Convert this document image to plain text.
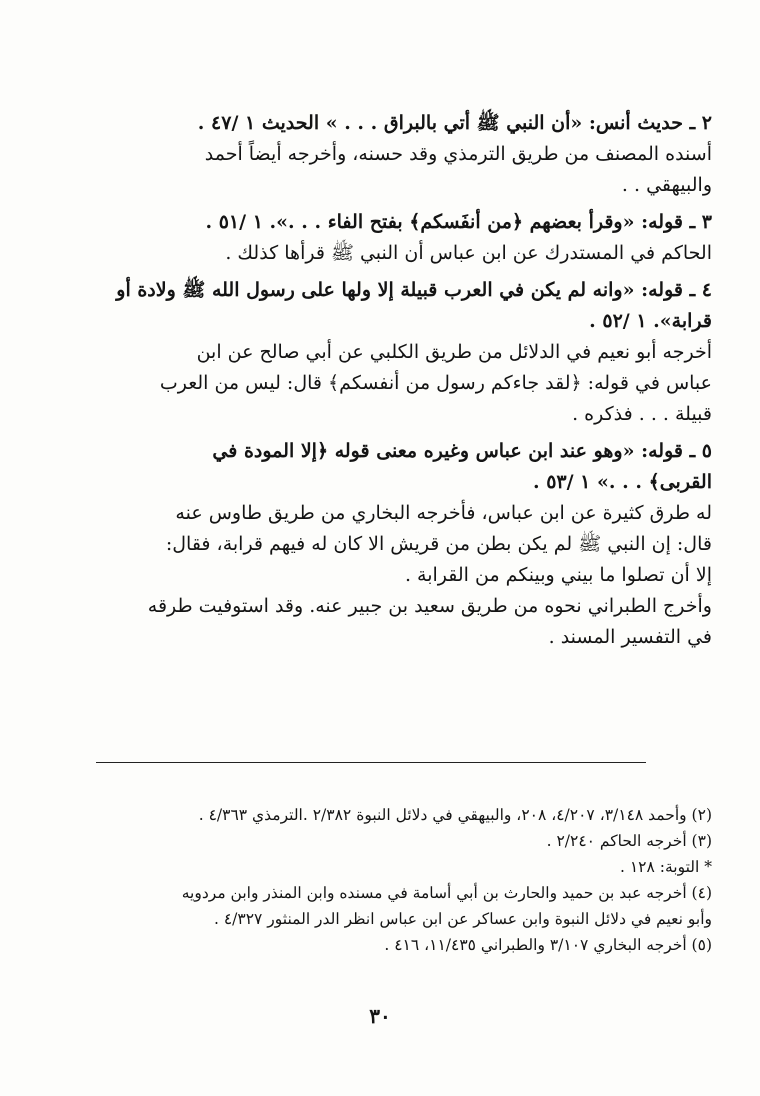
٢ ـ حديث أنس: «أن النبي ﷺ أتي بالبراق . . . » الحديث ١ /٤٧ .
أسنده المصنف من طريق الترمذي وقد حسنه، وأخرجه أيضاً أحمد
والبيهقي . .
٣ ـ قوله: «وقرأ بعضهم ﴿من أنفَسكم﴾ بفتح الفاء . . .». ١ /٥١ .
الحاكم في المستدرك عن ابن عباس أن النبي ﷺ قرأها كذلك .
٤ ـ قوله: «وانه لم يكن في العرب قبيلة إلا ولها على رسول الله ﷺ ولادة أو
قرابة». ١ /٥٢ .
أخرجه أبو نعيم في الدلائل من طريق الكلبي عن أبي صالح عن ابن
عباس في قوله: ﴿لقد جاءكم رسول من أنفسكم﴾ قال: ليس من العرب
قبيلة . . . فذكره .
٥ ـ قوله: «وهو عند ابن عباس وغيره معنى قوله ﴿إلا المودة في
القربى﴾ . . .» ١ /٥٣ .
له طرق كثيرة عن ابن عباس، فأخرجه البخاري من طريق طاوس عنه
قال: إن النبي ﷺ لم يكن بطن من قريش الا كان له فيهم قرابة، فقال:
إلا أن تصلوا ما بيني وبينكم من القرابة .
وأخرج الطبراني نحوه من طريق سعيد بن جبير عنه. وقد استوفيت طرقه
في التفسير المسند .
(٢) وأحمد ٣/١٤٨، ٤/٢٠٧، ٢٠٨، والبيهقي في دلائل النبوة ٢/٣٨٢ .الترمذي ٤/٣٦٣ .
(٣) أخرجه الحاكم ٢/٢٤٠ .
* التوبة: ١٢٨ .
(٤) أخرجه عبد بن حميد والحارث بن أبي أسامة في مسنده وابن المنذر وابن مردويه
وأبو نعيم في دلائل النبوة وابن عساكر عن ابن عباس انظر الدر المنثور ٤/٣٢٧ .
(٥) أخرجه البخاري ٣/١٠٧ والطبراني ١١/٤٣٥، ٤١٦ .
٣٠
